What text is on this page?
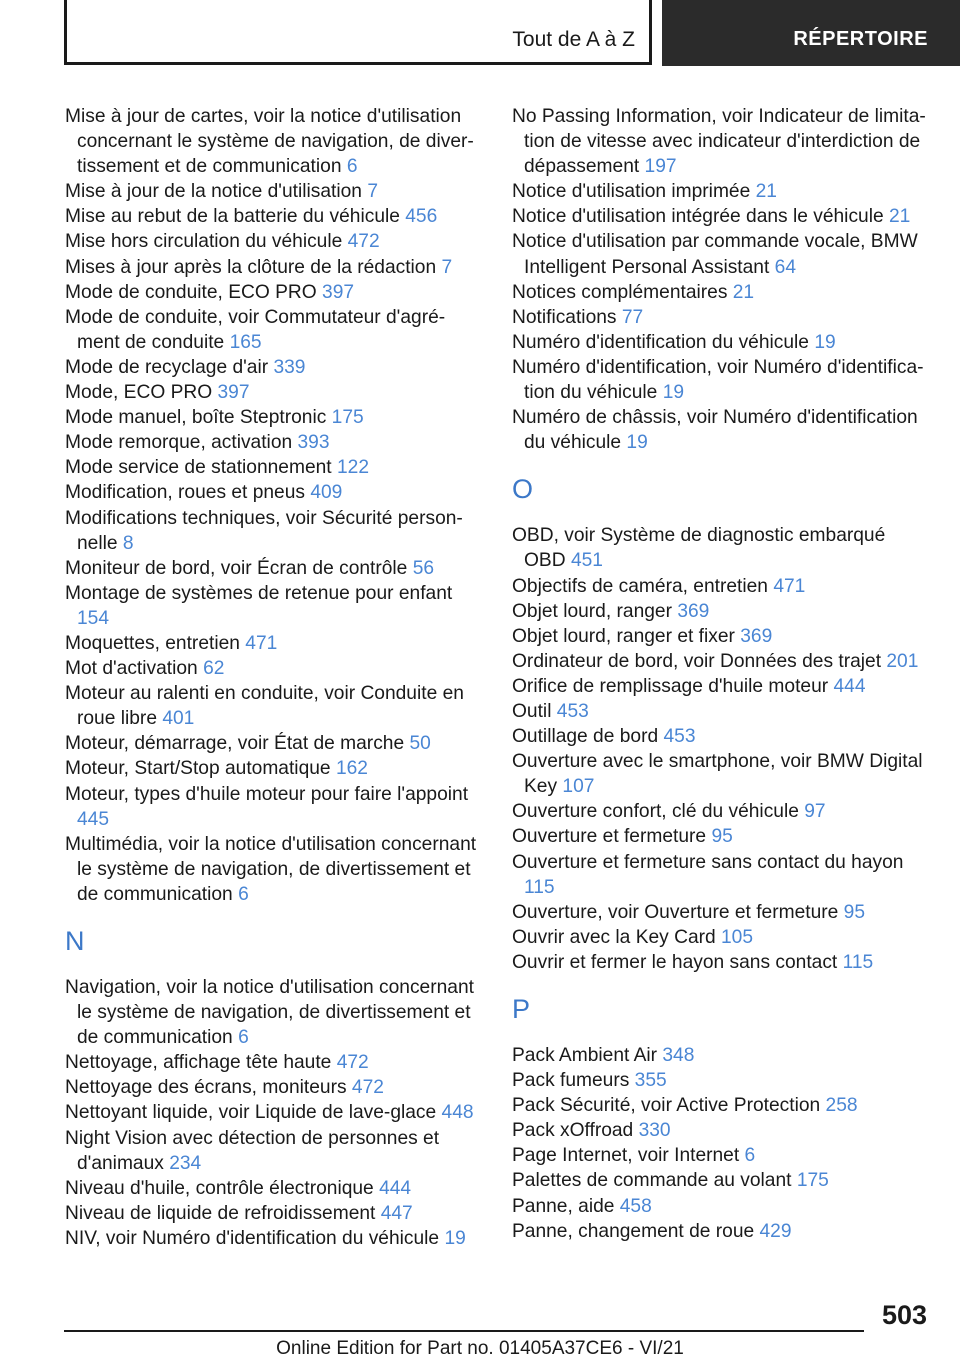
Tout de A à Z	RÉPERTOIRE
Mise à jour de cartes, voir la notice d'utilisation concernant le système de navigation, de divertissement et de communication 6
Mise à jour de la notice d'utilisation 7
Mise au rebut de la batterie du véhicule 456
Mise hors circulation du véhicule 472
Mises à jour après la clôture de la rédaction 7
Mode de conduite, ECO PRO 397
Mode de conduite, voir Commutateur d'agrément de conduite 165
Mode de recyclage d'air 339
Mode, ECO PRO 397
Mode manuel, boîte Steptronic 175
Mode remorque, activation 393
Mode service de stationnement 122
Modification, roues et pneus 409
Modifications techniques, voir Sécurité personnelle 8
Moniteur de bord, voir Écran de contrôle 56
Montage de systèmes de retenue pour enfant 154
Moquettes, entretien 471
Mot d'activation 62
Moteur au ralenti en conduite, voir Conduite en roue libre 401
Moteur, démarrage, voir État de marche 50
Moteur, Start/Stop automatique 162
Moteur, types d'huile moteur pour faire l'appoint 445
Multimédia, voir la notice d'utilisation concernant le système de navigation, de divertissement et de communication 6
N
Navigation, voir la notice d'utilisation concernant le système de navigation, de divertissement et de communication 6
Nettoyage, affichage tête haute 472
Nettoyage des écrans, moniteurs 472
Nettoyant liquide, voir Liquide de lave-glace 448
Night Vision avec détection de personnes et d'animaux 234
Niveau d'huile, contrôle électronique 444
Niveau de liquide de refroidissement 447
NIV, voir Numéro d'identification du véhicule 19
No Passing Information, voir Indicateur de limitation de vitesse avec indicateur d'interdiction de dépassement 197
Notice d'utilisation imprimée 21
Notice d'utilisation intégrée dans le véhicule 21
Notice d'utilisation par commande vocale, BMW Intelligent Personal Assistant 64
Notices complémentaires 21
Notifications 77
Numéro d'identification du véhicule 19
Numéro d'identification, voir Numéro d'identification du véhicule 19
Numéro de châssis, voir Numéro d'identification du véhicule 19
O
OBD, voir Système de diagnostic embarqué OBD 451
Objectifs de caméra, entretien 471
Objet lourd, ranger 369
Objet lourd, ranger et fixer 369
Ordinateur de bord, voir Données des trajet 201
Orifice de remplissage d'huile moteur 444
Outil 453
Outillage de bord 453
Ouverture avec le smartphone, voir BMW Digital Key 107
Ouverture confort, clé du véhicule 97
Ouverture et fermeture 95
Ouverture et fermeture sans contact du hayon 115
Ouverture, voir Ouverture et fermeture 95
Ouvrir avec la Key Card 105
Ouvrir et fermer le hayon sans contact 115
P
Pack Ambient Air 348
Pack fumeurs 355
Pack Sécurité, voir Active Protection 258
Pack xOffroad 330
Page Internet, voir Internet 6
Palettes de commande au volant 175
Panne, aide 458
Panne, changement de roue 429
503
Online Edition for Part no. 01405A37CE6 - VI/21
